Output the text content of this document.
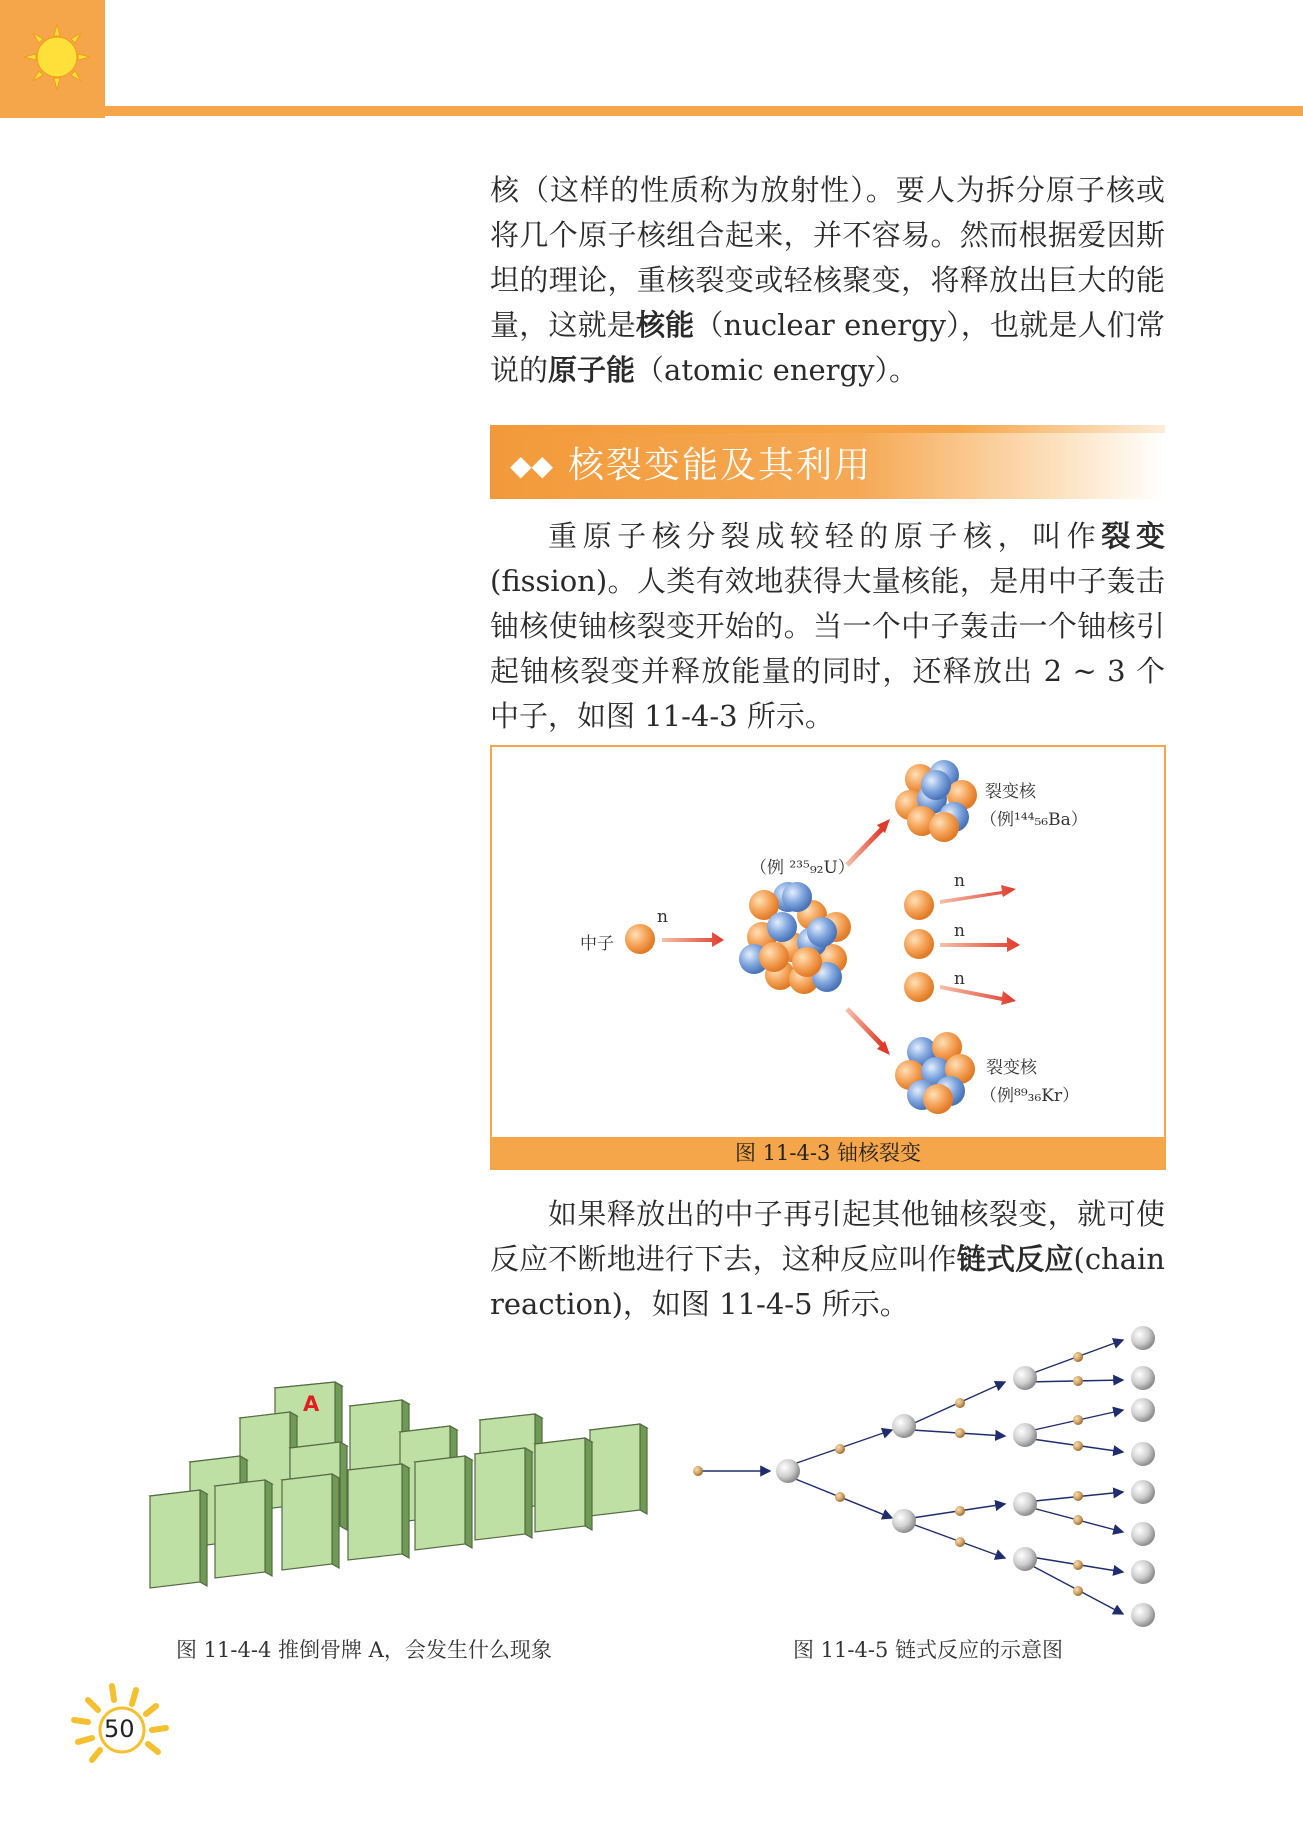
核（这样的性质称为放射性）。要人为拆分原子核或将几个原子核组合起来，并不容易。然而根据爱因斯坦的理论，重核裂变或轻核聚变，将释放出巨大的能量，这就是核能（nuclear energy），也就是人们常说的原子能（atomic energy）。

◆◆ 核裂变能及其利用

重原子核分裂成较轻的原子核，叫作裂变(fission)。人类有效地获得大量核能，是用中子轰击铀核使铀核裂变开始的。当一个中子轰击一个铀核引起铀核裂变并释放能量的同时，还释放出 2 ~ 3 个中子，如图 11-4-3 所示。

中子
n
（例 ²³⁵₉₂U）
裂变核
（例¹⁴⁴₅₆Ba）
n
n
n
裂变核
（例⁸⁹₃₆Kr）
图 11-4-3 铀核裂变

如果释放出的中子再引起其他铀核裂变，就可使反应不断地进行下去，这种反应叫作链式反应(chain reaction)，如图 11-4-5 所示。

A
图 11-4-4 推倒骨牌 A，会发生什么现象	图 11-4-5 链式反应的示意图
50
